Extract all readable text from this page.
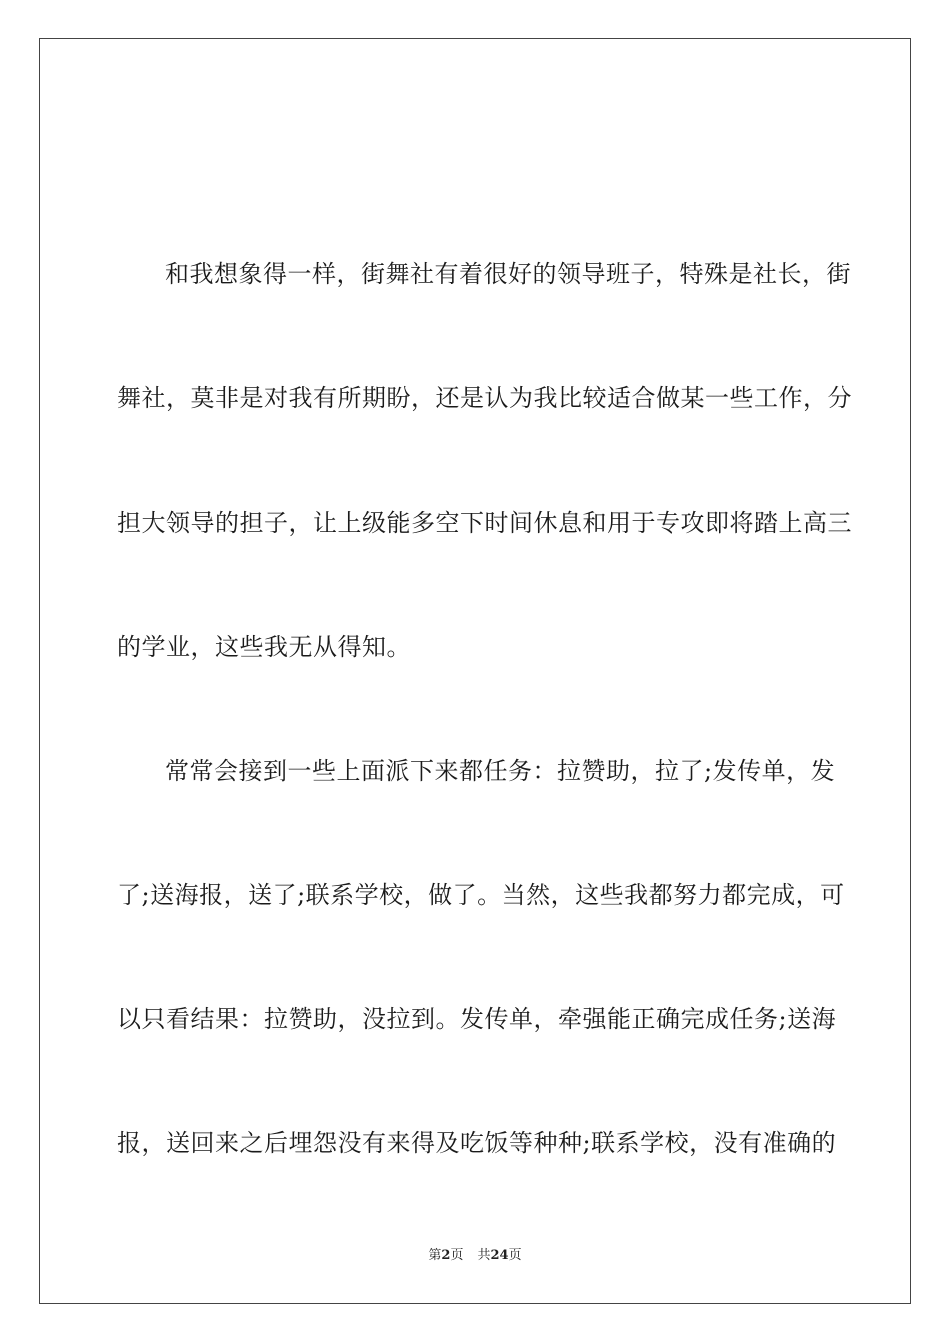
和我想象得一样，街舞社有着很好的领导班子，特殊是社长，街
舞社，莫非是对我有所期盼，还是认为我比较适合做某一些工作，分
担大领导的担子，让上级能多空下时间休息和用于专攻即将踏上高三
的学业，这些我无从得知。
常常会接到一些上面派下来都任务：拉赞助，拉了;发传单，发
了;送海报，送了;联系学校，做了。当然，这些我都努力都完成，可
以只看结果：拉赞助，没拉到。发传单，牵强能正确完成任务;送海
报，送回来之后埋怨没有来得及吃饭等种种;联系学校，没有准确的
第2页 共24页
